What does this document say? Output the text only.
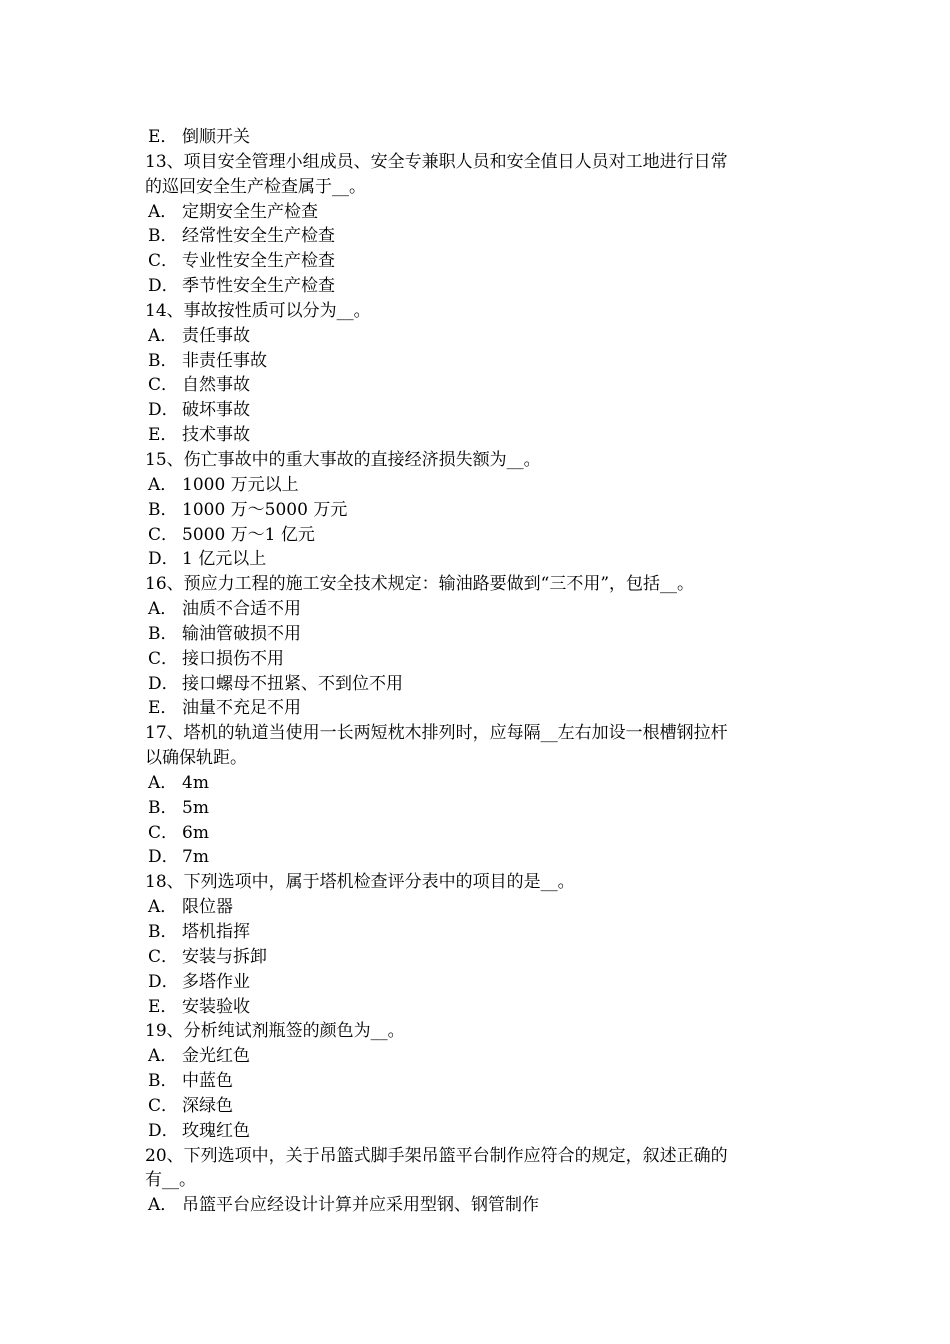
E． 倒顺开关
13、项目安全管理小组成员、安全专兼职人员和安全值日人员对工地进行日常
的巡回安全生产检查属于__。
A． 定期安全生产检查
B． 经常性安全生产检查
C． 专业性安全生产检查
D． 季节性安全生产检查
14、事故按性质可以分为__。
A． 责任事故
B． 非责任事故
C． 自然事故
D． 破坏事故
E． 技术事故
15、伤亡事故中的重大事故的直接经济损失额为__。
A． 1000 万元以上
B． 1000 万～5000 万元
C． 5000 万～1 亿元
D． 1 亿元以上
16、预应力工程的施工安全技术规定：输油路要做到“三不用”，包括__。
A． 油质不合适不用
B． 输油管破损不用
C． 接口损伤不用
D． 接口螺母不扭紧、不到位不用
E． 油量不充足不用
17、塔机的轨道当使用一长两短枕木排列时，应每隔__左右加设一根槽钢拉杆
以确保轨距。
A． 4m
B． 5m
C． 6m
D． 7m
18、下列选项中，属于塔机检查评分表中的项目的是__。
A． 限位器
B． 塔机指挥
C． 安装与拆卸
D． 多塔作业
E． 安装验收
19、分析纯试剂瓶签的颜色为__。
A． 金光红色
B． 中蓝色
C． 深绿色
D． 玫瑰红色
20、下列选项中，关于吊篮式脚手架吊篮平台制作应符合的规定，叙述正确的
有__。
A． 吊篮平台应经设计计算并应采用型钢、钢管制作
